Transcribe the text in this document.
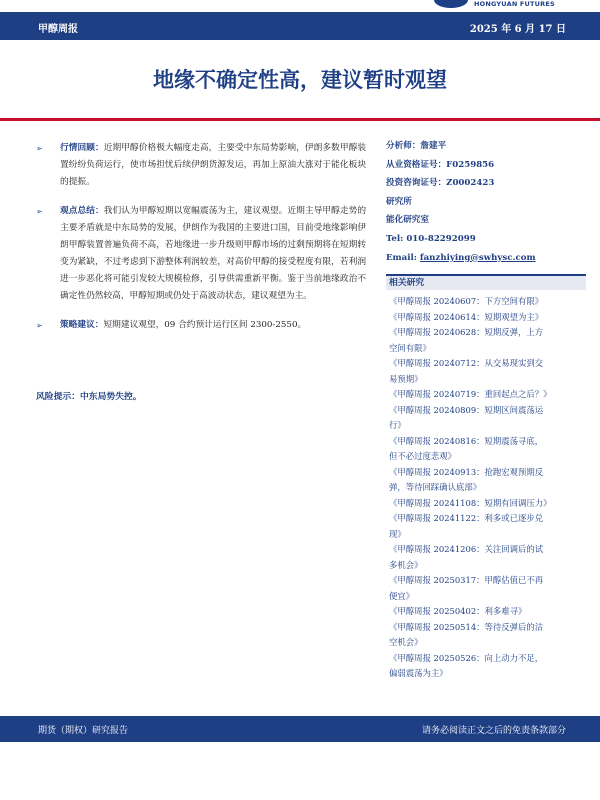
HONGYUAN FUTURES
甲醇周报	2025 年 6 月 17 日
地缘不确定性高，建议暂时观望
➢ 行情回顾：近期甲醇价格极大幅度走高，主要受中东局势影响，伊朗多数甲醇装置纷纷负荷运行，使市场担忧后续伊朗货源发运，再加上原油大涨对于能化板块的提振。
➢ 观点总结：我们认为甲醇短期以宽幅震荡为主，建议观望。近期主导甲醇走势的主要矛盾就是中东局势的发展，伊朗作为我国的主要进口国，目前受地缘影响伊朗甲醇装置普遍负荷不高，若地缘进一步升级则甲醇市场的过剩预期将在短期转变为紧缺，不过考虑到下游整体利润较差，对高价甲醇的接受程度有限，若利润进一步恶化将可能引发较大规模检修，引导供需重新平衡。鉴于当前地缘政治不确定性仍然较高，甲醇短期或仍处于高波动状态，建议观望为主。
➢ 策略建议：短期建议观望，09 合约预计运行区间 2300-2550。
风险提示：中东局势失控。
分析师：詹建平
从业资格证号：F0259856
投资咨询证号：Z0002423
研究所
能化研究室
Tel: 010-82292099
Email: fanzhiying@swhysc.com
相关研究
《甲醇周报 20240607：下方空间有限》
《甲醇周报 20240614：短期观望为主》
《甲醇周报 20240628：短期反弹，上方
空间有限》
《甲醇周报 20240712：从交易现实到交
易预期》
《甲醇周报 20240719：重回起点之后？》
《甲醇周报 20240809：短期区间震荡运
行》
《甲醇周报 20240816：短期震荡寻底，
但不必过度悲观》
《甲醇周报 20240913：抢跑宏观预期反
弹，等待回踩确认底部》
《甲醇周报 20241108：短期有回调压力》
《甲醇周报 20241122：利多或已逐步兑
现》
《甲醇周报 20241206：关注回调后的试
多机会》
《甲醇周报 20250317：甲醇估值已不再
便宜》
《甲醇周报 20250402：利多难寻》
《甲醇周报 20250514：等待反弹后的沽
空机会》
《甲醇周报 20250526：向上动力不足，
偏弱震荡为主》
期货（期权）研究报告	请务必阅读正文之后的免责条款部分
